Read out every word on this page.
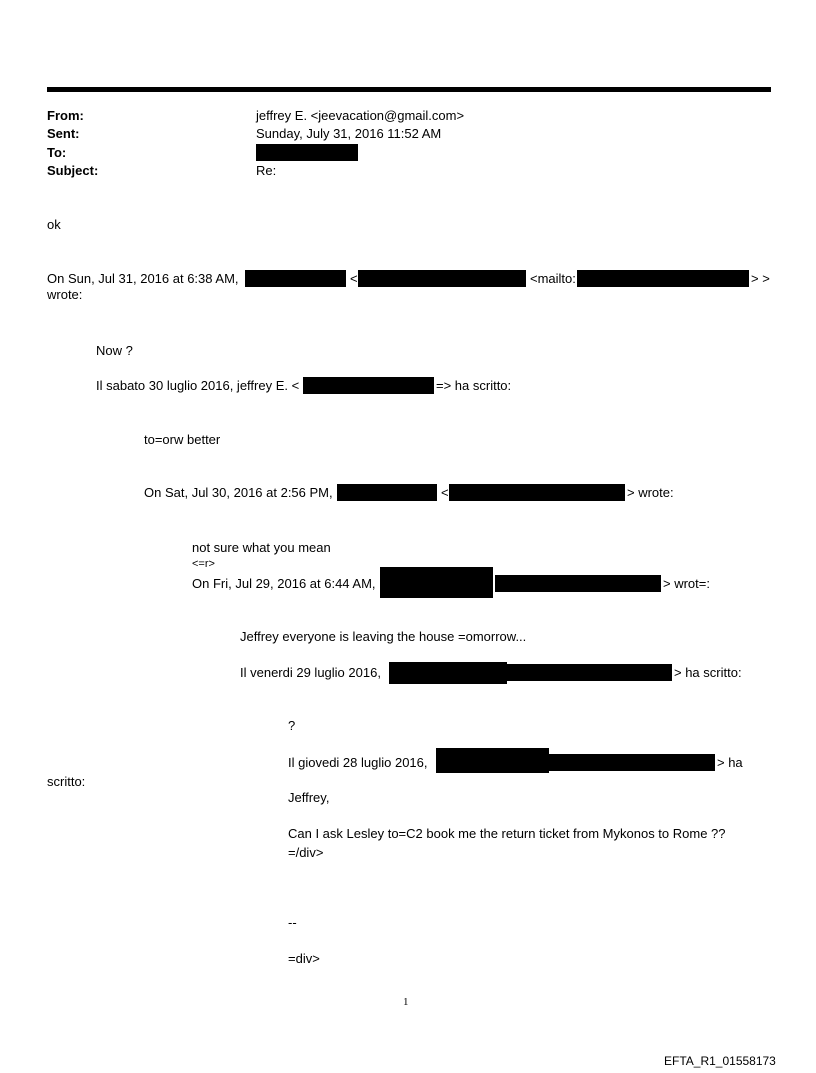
From:	jeffrey E. <jeevacation@gmail.com>
Sent:	Sunday, July 31, 2016 11:52 AM
To:
Subject:	Re:
ok
On Sun, Jul 31, 2016 at 6:38 AM,	<	<mailto:	> >
wrote:
Now ?
Il sabato 30 luglio 2016, jeffrey E. <	=> ha scritto:
to=orw better
On Sat, Jul 30, 2016 at 2:56 PM,	<	> wrote:
not sure what you mean
<=r>
On Fri, Jul 29, 2016 at 6:44 AM,	> wrot=:
Jeffrey everyone is leaving the house =omorrow...
Il venerdi 29 luglio 2016,	> ha scritto:
?
Il giovedi 28 luglio 2016,	> ha
scritto:
Jeffrey,
Can I ask Lesley to=C2 book me the return ticket from Mykonos to Rome ??
=/div>
--
=div>
1
EFTA_R1_01558173
